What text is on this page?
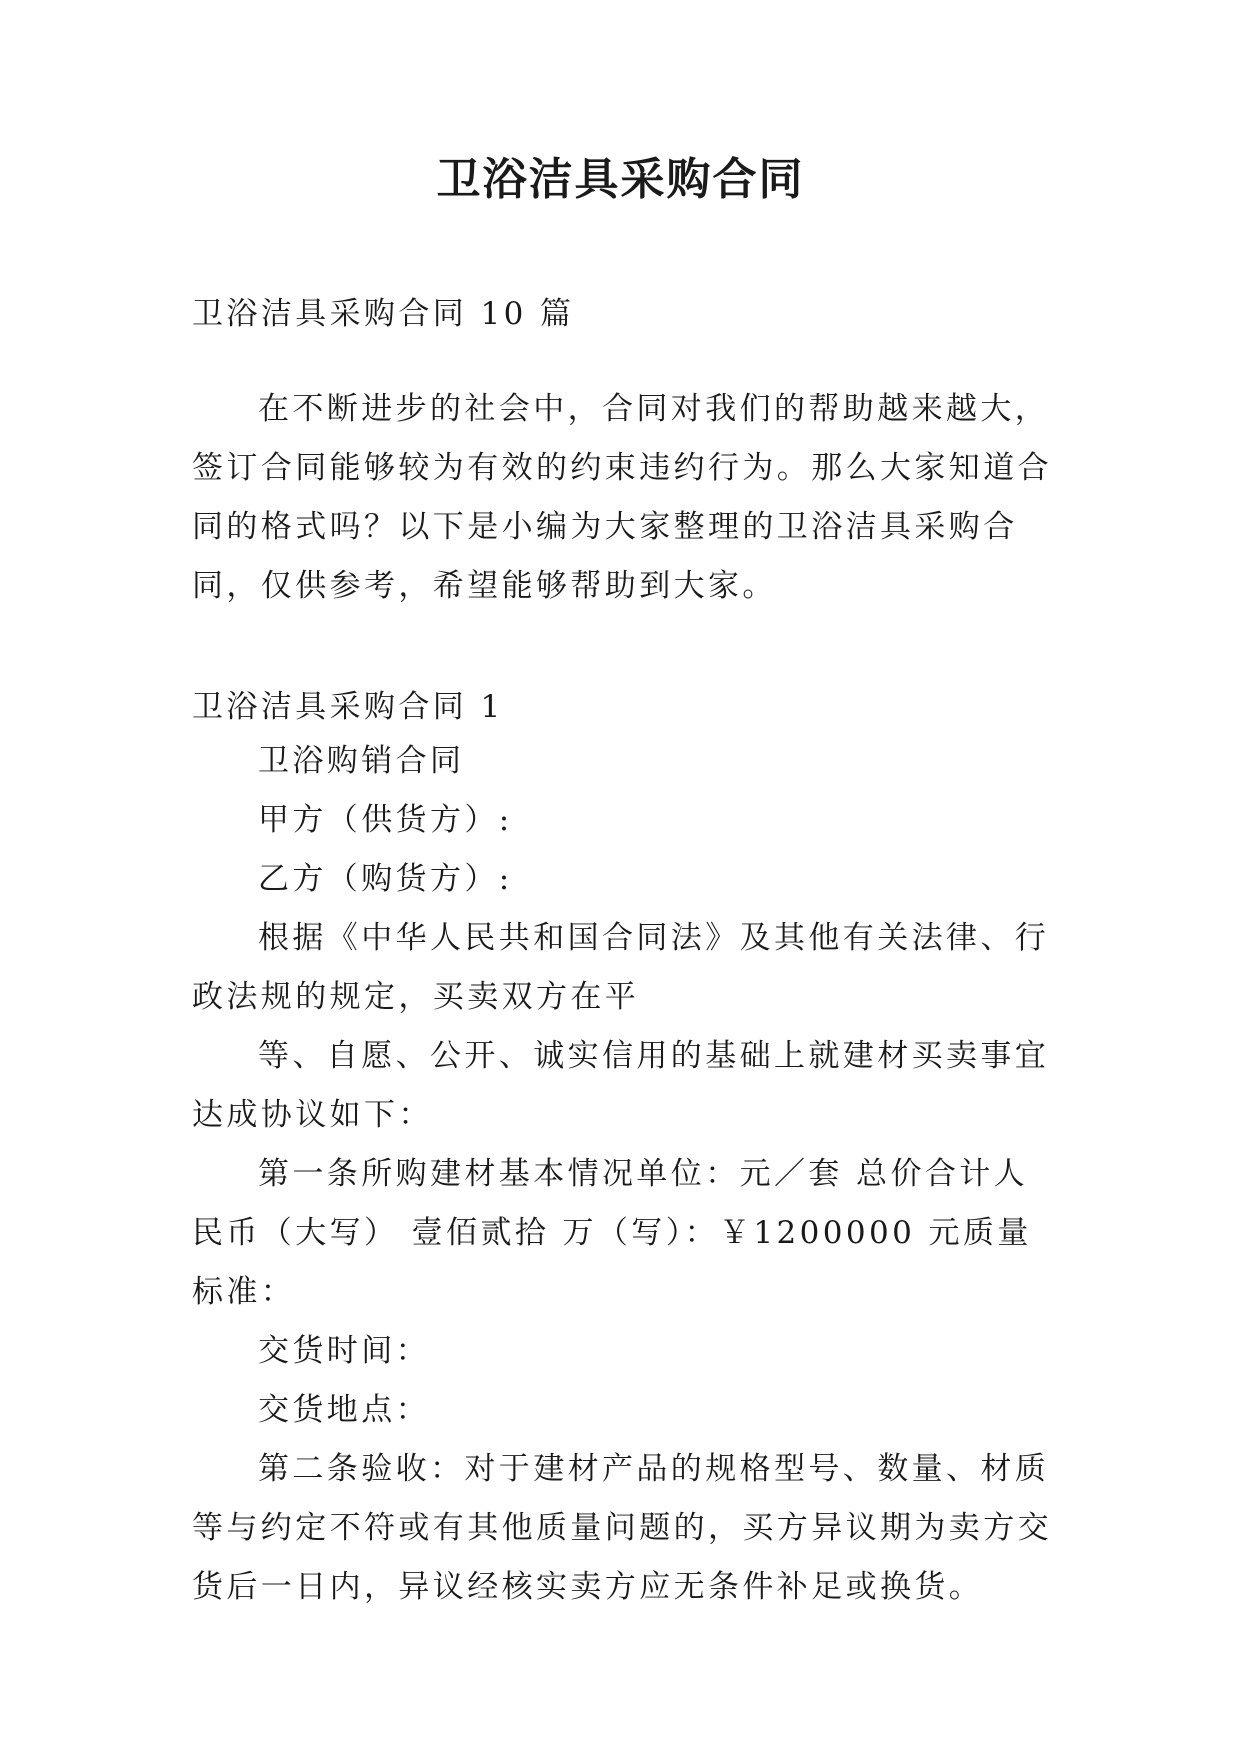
卫浴洁具采购合同

卫浴洁具采购合同 10 篇

在不断进步的社会中，合同对我们的帮助越来越大，签订合同能够较为有效的约束违约行为。那么大家知道合同的格式吗？以下是小编为大家整理的卫浴洁具采购合同，仅供参考，希望能够帮助到大家。

卫浴洁具采购合同 1

卫浴购销合同

甲方（供货方）:

乙方（购货方）:

根据《中华人民共和国合同法》及其他有关法律、行政法规的规定，买卖双方在平

等、自愿、公开、诚实信用的基础上就建材买卖事宜达成协议如下：

第一条所购建材基本情况单位：元／套 总价合计人民币（大写） 壹佰贰拾 万（写）：￥1200000 元质量标准：

交货时间：

交货地点：

第二条验收：对于建材产品的规格型号、数量、材质等与约定不符或有其他质量问题的，买方异议期为卖方交货后一日内，异议经核实卖方应无条件补足或换货。
